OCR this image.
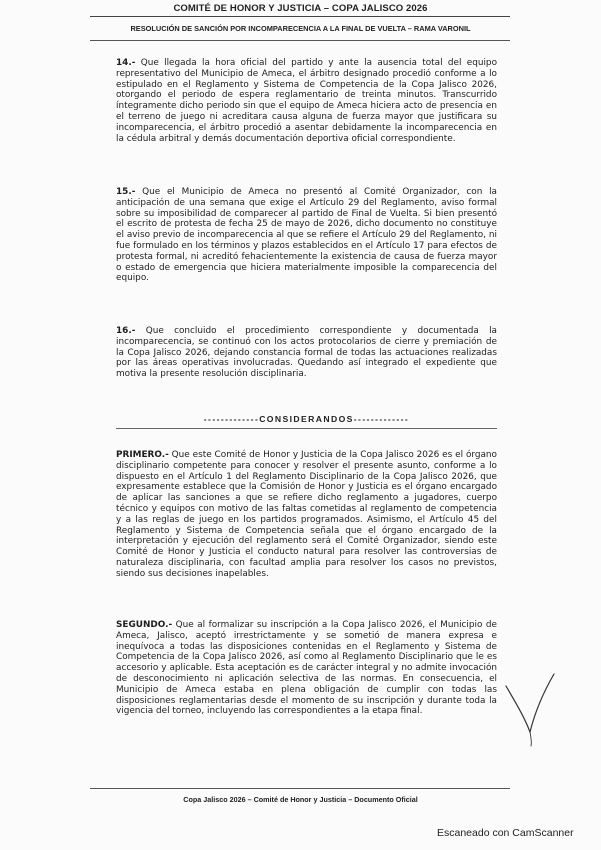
COMITÉ DE HONOR Y JUSTICIA – COPA JALISCO 2026
RESOLUCIÓN DE SANCIÓN POR INCOMPARECENCIA A LA FINAL DE VUELTA – RAMA VARONIL

14.- Que llegada la hora oficial del partido y ante la ausencia total del equipo representativo del Municipio de Ameca, el árbitro designado procedió conforme a lo estipulado en el Reglamento y Sistema de Competencia de la Copa Jalisco 2026, otorgando el periodo de espera reglamentario de treinta minutos. Transcurrido íntegramente dicho periodo sin que el equipo de Ameca hiciera acto de presencia en el terreno de juego ni acreditara causa alguna de fuerza mayor que justificara su incomparecencia, el árbitro procedió a asentar debidamente la incomparecencia en la cédula arbitral y demás documentación deportiva oficial correspondiente.

15.- Que el Municipio de Ameca no presentó al Comité Organizador, con la anticipación de una semana que exige el Artículo 29 del Reglamento, aviso formal sobre su imposibilidad de comparecer al partido de Final de Vuelta. Si bien presentó el escrito de protesta de fecha 25 de mayo de 2026, dicho documento no constituye el aviso previo de incomparecencia al que se refiere el Artículo 29 del Reglamento, ni fue formulado en los términos y plazos establecidos en el Artículo 17 para efectos de protesta formal, ni acreditó fehacientemente la existencia de causa de fuerza mayor o estado de emergencia que hiciera materialmente imposible la comparecencia del equipo.

16.- Que concluido el procedimiento correspondiente y documentada la incomparecencia, se continuó con los actos protocolarios de cierre y premiación de la Copa Jalisco 2026, dejando constancia formal de todas las actuaciones realizadas por las áreas operativas involucradas. Quedando así integrado el expediente que motiva la presente resolución disciplinaria.

-------------CONSIDERANDOS-------------

PRIMERO.- Que este Comité de Honor y Justicia de la Copa Jalisco 2026 es el órgano disciplinario competente para conocer y resolver el presente asunto, conforme a lo dispuesto en el Artículo 1 del Reglamento Disciplinario de la Copa Jalisco 2026, que expresamente establece que la Comisión de Honor y Justicia es el órgano encargado de aplicar las sanciones a que se refiere dicho reglamento a jugadores, cuerpo técnico y equipos con motivo de las faltas cometidas al reglamento de competencia y a las reglas de juego en los partidos programados. Asimismo, el Artículo 45 del Reglamento y Sistema de Competencia señala que el órgano encargado de la interpretación y ejecución del reglamento será el Comité Organizador, siendo este Comité de Honor y Justicia el conducto natural para resolver las controversias de naturaleza disciplinaria, con facultad amplia para resolver los casos no previstos, siendo sus decisiones inapelables.

SEGUNDO.- Que al formalizar su inscripción a la Copa Jalisco 2026, el Municipio de Ameca, Jalisco, aceptó irrestrictamente y se sometió de manera expresa e inequívoca a todas las disposiciones contenidas en el Reglamento y Sistema de Competencia de la Copa Jalisco 2026, así como al Reglamento Disciplinario que le es accesorio y aplicable. Esta aceptación es de carácter integral y no admite invocación de desconocimiento ni aplicación selectiva de las normas. En consecuencia, el Municipio de Ameca estaba en plena obligación de cumplir con todas las disposiciones reglamentarias desde el momento de su inscripción y durante toda la vigencia del torneo, incluyendo las correspondientes a la etapa final.

Copa Jalisco 2026 – Comité de Honor y Justicia – Documento Oficial
Escaneado con CamScanner
